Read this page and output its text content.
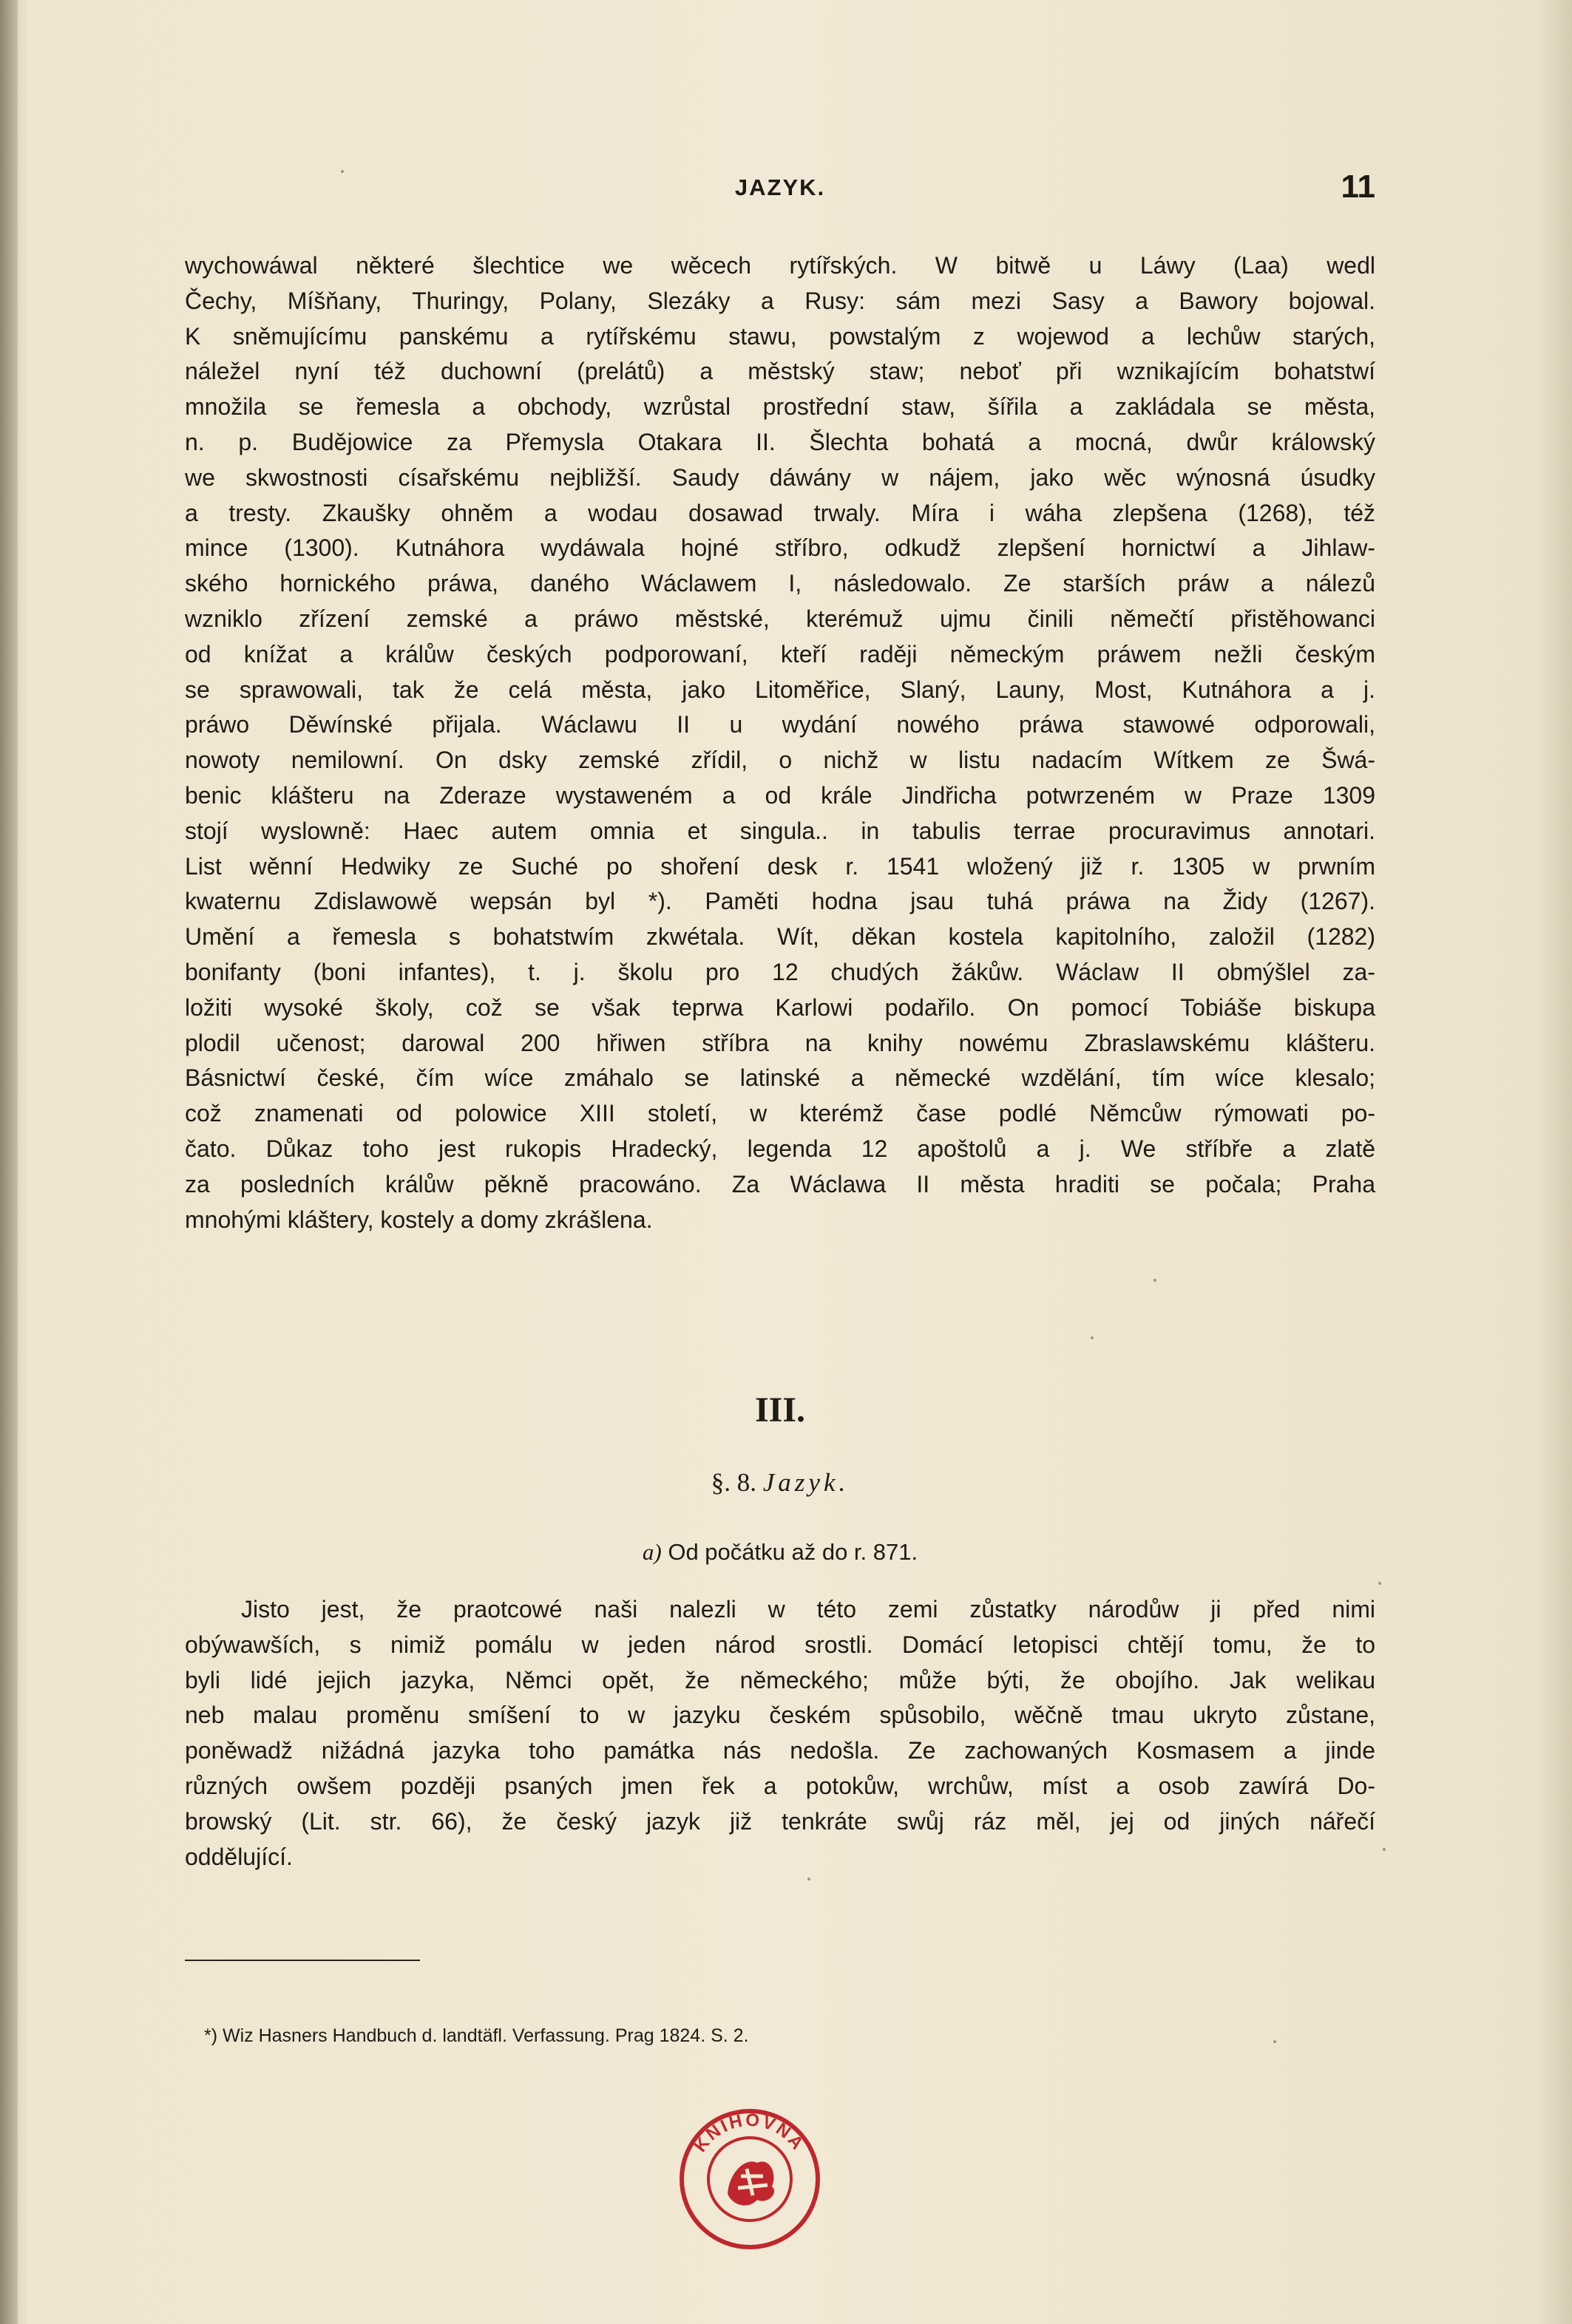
JAZYK.	11
wychowáwal některé šlechtice we wěcech rytířských. W bitwě u Láwy (Laa) wedl
Čechy, Míšňany, Thuringy, Polany, Slezáky a Rusy: sám mezi Sasy a Bawory bojowal.
K sněmujícímu panskému a rytířskému stawu, powstalým z wojewod a lechůw starých,
náležel nyní též duchowní (prelátů) a městský staw; neboť při wznikajícím bohatstwí
množila se řemesla a obchody, wzrůstal prostřední staw, šířila a zakládala se města,
n. p. Budějowice za Přemysla Otakara II. Šlechta bohatá a mocná, dwůr králowský
we skwostnosti císařskému nejbližší. Saudy dáwány w nájem, jako wěc wýnosná úsudky
a tresty. Zkaušky ohněm a wodau dosawad trwaly. Míra i wáha zlepšena (1268), též
mince (1300). Kutnáhora wydáwala hojné stříbro, odkudž zlepšení hornictwí a Jihlaw-
ského hornického práwa, daného Wáclawem I, následowalo. Ze starších práw a nálezů
wzniklo zřízení zemské a práwo městské, kterémuž ujmu činili němečtí přistěhowanci
od knížat a králůw českých podporowaní, kteří raději německým práwem nežli českým
se sprawowali, tak že celá města, jako Litoměřice, Slaný, Launy, Most, Kutnáhora a j.
práwo Děwínské přijala. Wáclawu II u wydání nowého práwa stawowé odporowali,
nowoty nemilowní. On dsky zemské zřídil, o nichž w listu nadacím Wítkem ze Šwá-
benic klášteru na Zderaze wystaweném a od krále Jindřicha potwrzeném w Praze 1309
stojí wyslowně: Haec autem omnia et singula.. in tabulis terrae procuravimus annotari.
List wěnní Hedwiky ze Suché po shoření desk r. 1541 wložený již r. 1305 w prwním
kwaternu Zdislawowě wepsán byl *). Paměti hodna jsau tuhá práwa na Židy (1267).
Umění a řemesla s bohatstwím zkwétala. Wít, děkan kostela kapitolního, založil (1282)
bonifanty (boni infantes), t. j. školu pro 12 chudých žákůw. Wáclaw II obmýšlel za-
ložiti wysoké školy, což se však teprwa Karlowi podařilo. On pomocí Tobiáše biskupa
plodil učenost; darowal 200 hřiwen stříbra na knihy nowému Zbraslawskému klášteru.
Básnictwí české, čím wíce zmáhalo se latinské a německé wzdělání, tím wíce klesalo;
což znamenati od polowice XIII století, w kterémž čase podlé Němcůw rýmowati po-
čato. Důkaz toho jest rukopis Hradecký, legenda 12 apoštolů a j. We stříbře a zlatě
za posledních králůw pěkně pracowáno. Za Wáclawa II města hraditi se počala; Praha
mnohými kláštery, kostely a domy zkrášlena.
III.
§. 8. Jazyk.
a) Od počátku až do r. 871.
Jisto jest, že praotcowé naši nalezli w této zemi zůstatky národůw ji před nimi
obýwawších, s nimiž pomálu w jeden národ srostli. Domácí letopisci chtějí tomu, že to
byli lidé jejich jazyka, Němci opět, že německého; může býti, že obojího. Jak welikau
neb malau proměnu smíšení to w jazyku českém spůsobilo, wěčně tmau ukryto zůstane,
poněwadž nižádná jazyka toho památka nás nedošla. Ze zachowaných Kosmasem a jinde
různých owšem později psaných jmen řek a potokůw, wrchůw, míst a osob zawírá Do-
browský (Lit. str. 66), že český jazyk již tenkráte swůj ráz měl, jej od jiných nářečí
oddělující.
*) Wiz Hasners Handbuch d. landtäfl. Verfassung. Prag 1824. S. 2.
KNIHOVNA
